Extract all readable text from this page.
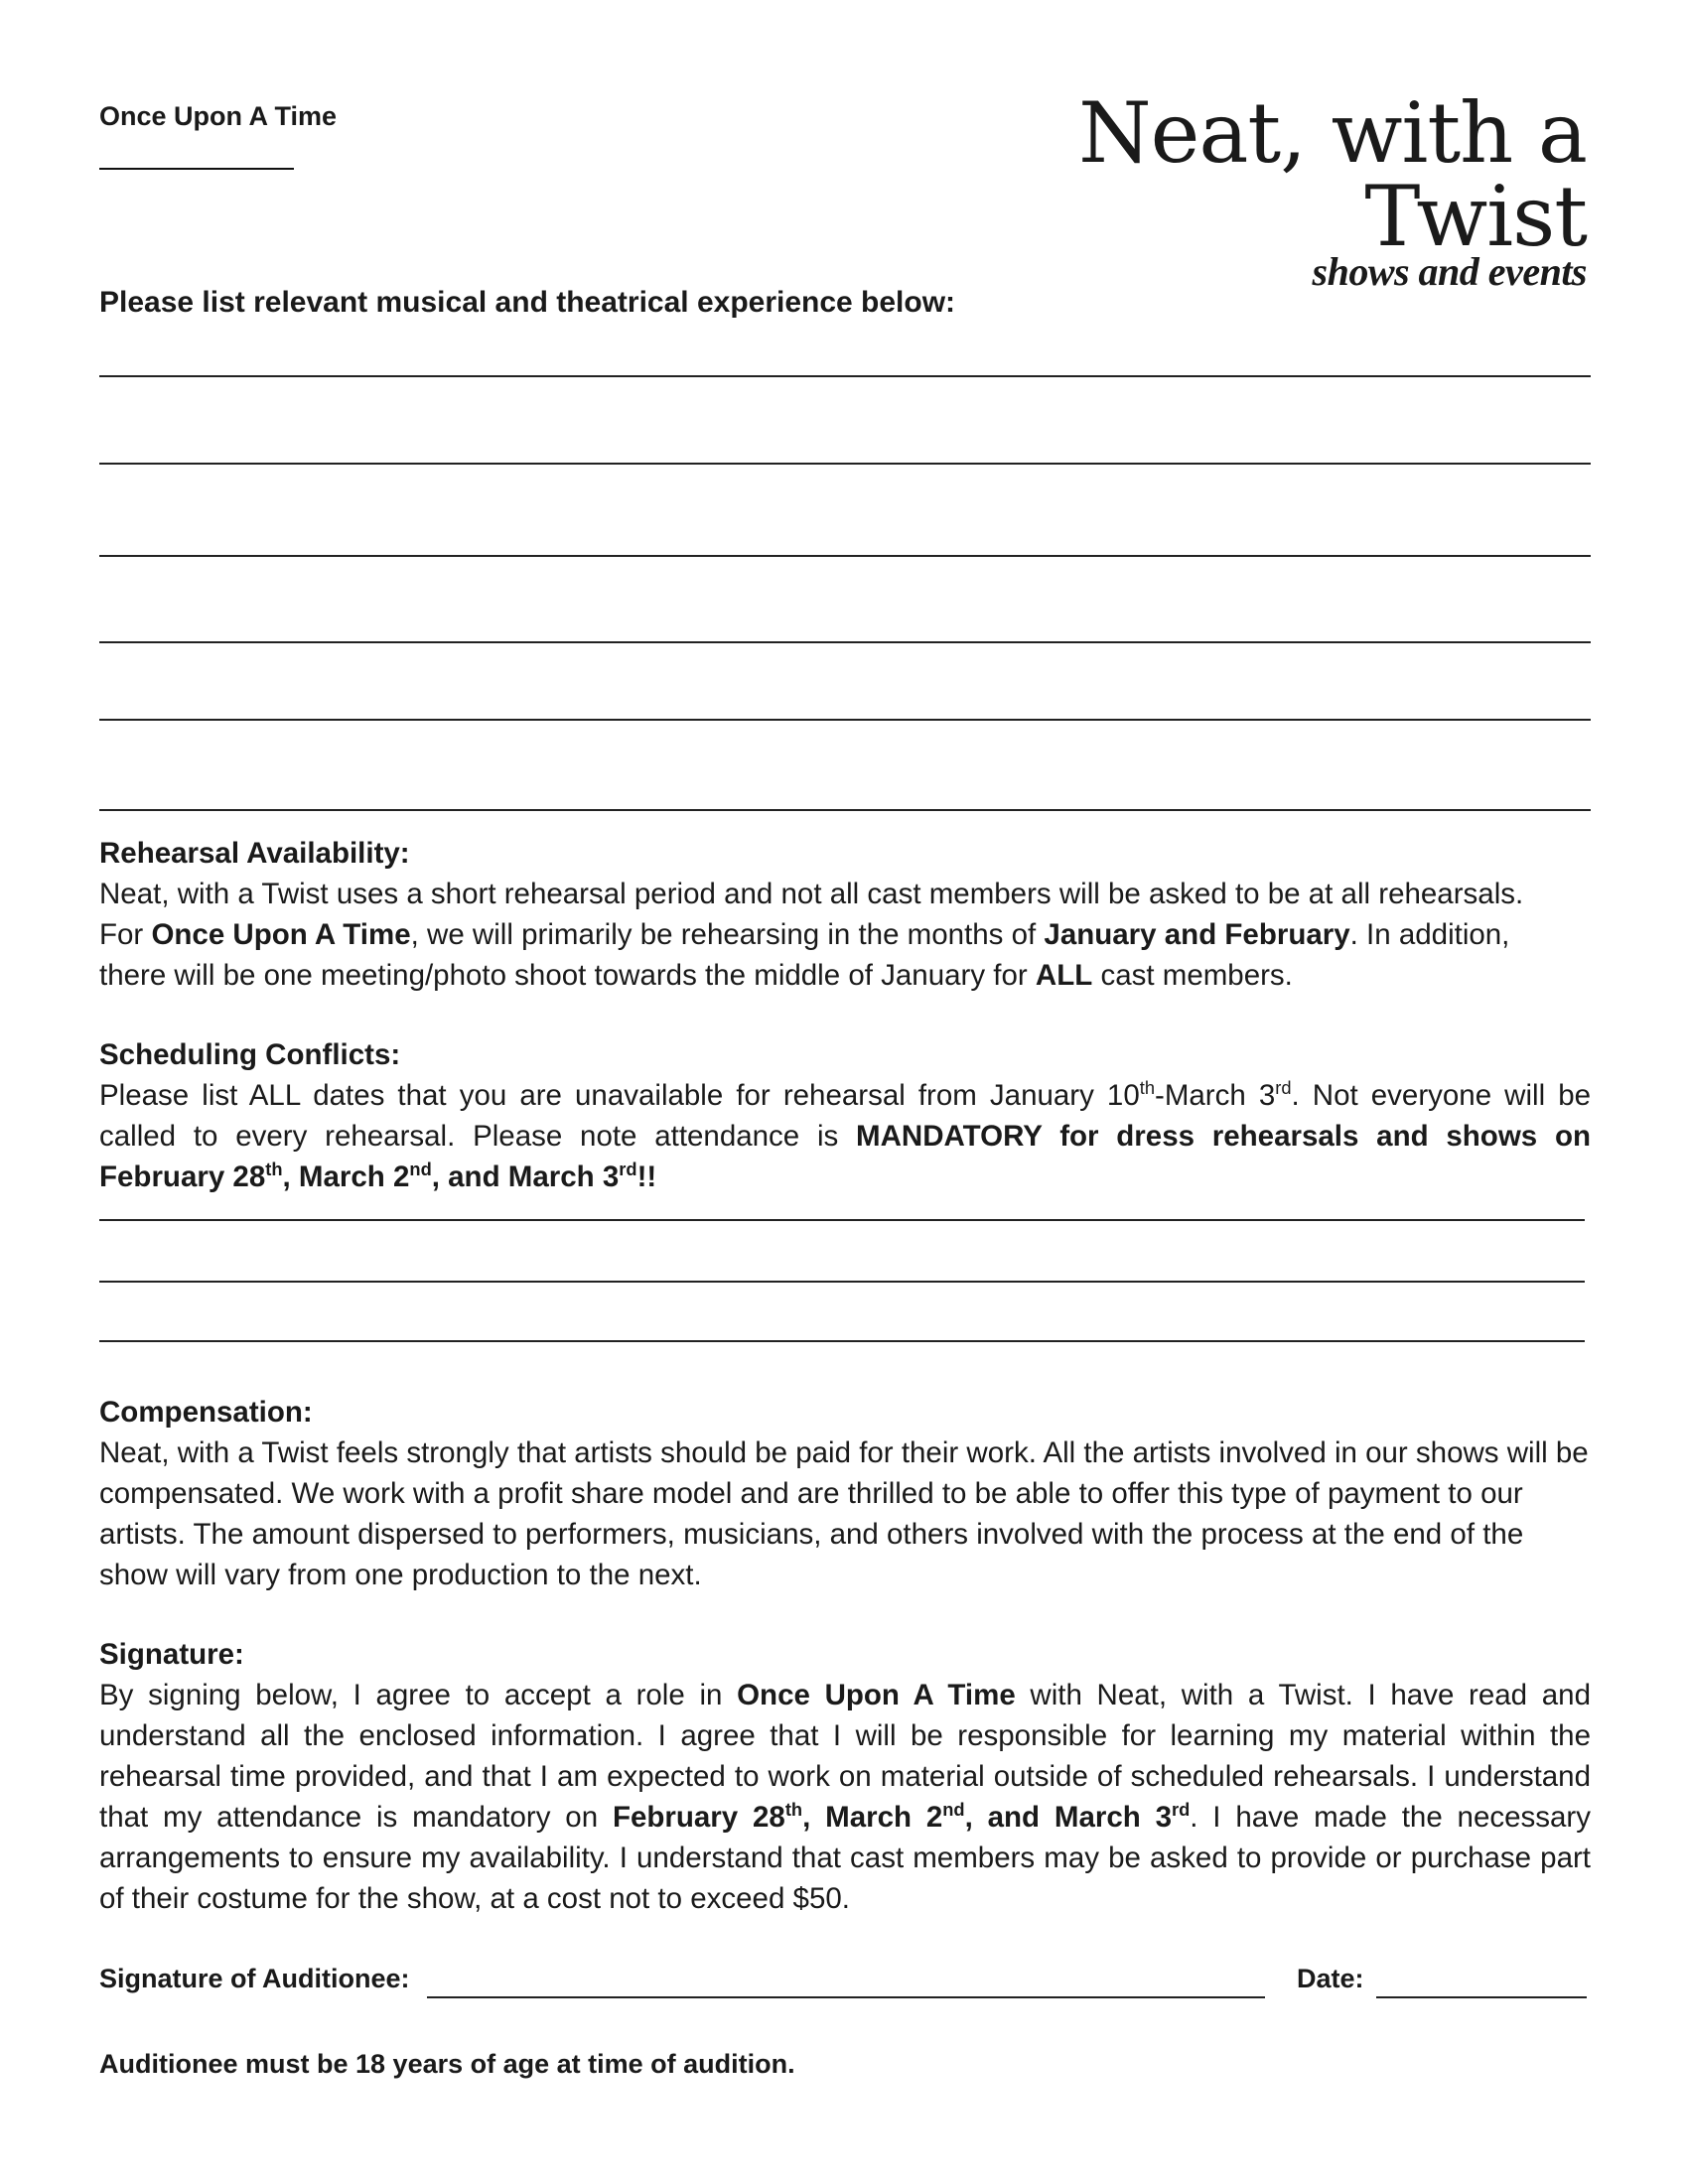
Once Upon A Time	Neat, with a Twist
shows and events
Please list relevant musical and theatrical experience below:
Rehearsal Availability:
Neat, with a Twist uses a short rehearsal period and not all cast members will be asked to be at all rehearsals.
For Once Upon A Time, we will primarily be rehearsing in the months of January and February. In addition,
there will be one meeting/photo shoot towards the middle of January for ALL cast members.
Scheduling Conflicts:
Please list ALL dates that you are unavailable for rehearsal from January 10th-March 3rd. Not everyone will be called to every rehearsal. Please note attendance is MANDATORY for dress rehearsals and shows on February 28th, March 2nd, and March 3rd!!
Compensation:
Neat, with a Twist feels strongly that artists should be paid for their work. All the artists involved in our shows will be compensated. We work with a profit share model and are thrilled to be able to offer this type of payment to our artists. The amount dispersed to performers, musicians, and others involved with the process at the end of the show will vary from one production to the next.
Signature:
By signing below, I agree to accept a role in Once Upon A Time with Neat, with a Twist. I have read and understand all the enclosed information. I agree that I will be responsible for learning my material within the rehearsal time provided, and that I am expected to work on material outside of scheduled rehearsals. I understand that my attendance is mandatory on February 28th, March 2nd, and March 3rd. I have made the necessary arrangements to ensure my availability. I understand that cast members may be asked to provide or purchase part of their costume for the show, at a cost not to exceed $50.
Signature of Auditionee:	Date:
Auditionee must be 18 years of age at time of audition.
